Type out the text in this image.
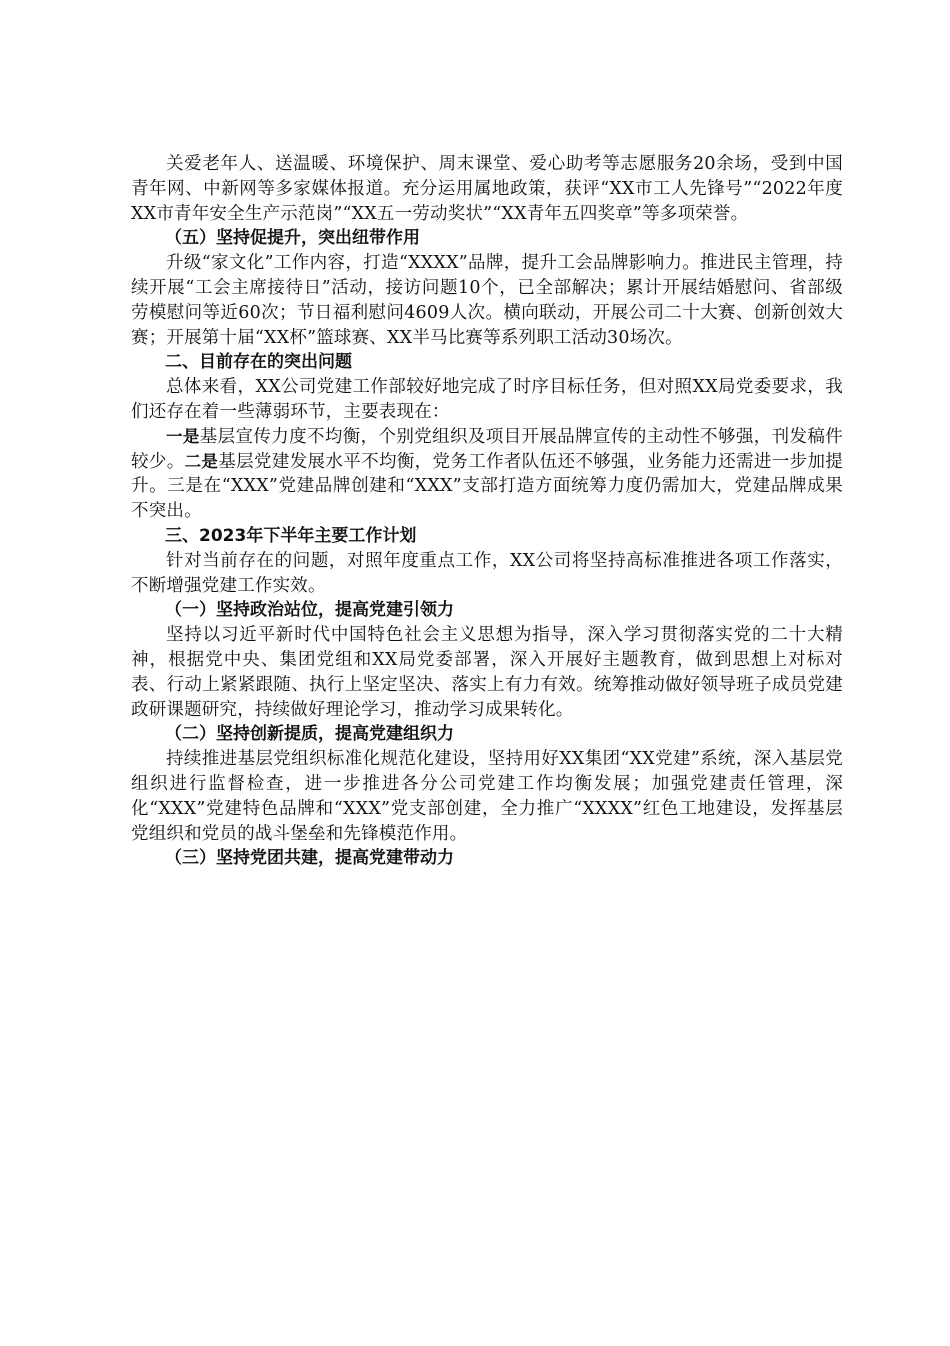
关爱老年人、送温暖、环境保护、周末课堂、爱心助考等志愿服务20余场，受到中国青年网、中新网等多家媒体报道。充分运用属地政策，获评“XX市工人先锋号”“2022年度XX市青年安全生产示范岗”“XX五一劳动奖状”“XX青年五四奖章”等多项荣誉。

（五）坚持促提升，突出纽带作用

升级“家文化”工作内容，打造“XXXX”品牌，提升工会品牌影响力。推进民主管理，持续开展“工会主席接待日”活动，接访问题10个，已全部解决；累计开展结婚慰问、省部级劳模慰问等近60次；节日福利慰问4609人次。横向联动，开展公司二十大赛、创新创效大赛；开展第十届“XX杯”篮球赛、XX半马比赛等系列职工活动30场次。

二、目前存在的突出问题

总体来看，XX公司党建工作部较好地完成了时序目标任务，但对照XX局党委要求，我们还存在着一些薄弱环节，主要表现在：

一是基层宣传力度不均衡，个别党组织及项目开展品牌宣传的主动性不够强，刊发稿件较少。二是基层党建发展水平不均衡，党务工作者队伍还不够强，业务能力还需进一步加提升。三是在“XXX”党建品牌创建和“XXX”支部打造方面统筹力度仍需加大，党建品牌成果不突出。

三、2023年下半年主要工作计划

针对当前存在的问题，对照年度重点工作，XX公司将坚持高标准推进各项工作落实，不断增强党建工作实效。

（一）坚持政治站位，提高党建引领力

坚持以习近平新时代中国特色社会主义思想为指导，深入学习贯彻落实党的二十大精神，根据党中央、集团党组和XX局党委部署，深入开展好主题教育，做到思想上对标对表、行动上紧紧跟随、执行上坚定坚决、落实上有力有效。统筹推动做好领导班子成员党建政研课题研究，持续做好理论学习，推动学习成果转化。

（二）坚持创新提质，提高党建组织力

持续推进基层党组织标准化规范化建设，坚持用好XX集团“XX党建”系统，深入基层党组织进行监督检查，进一步推进各分公司党建工作均衡发展；加强党建责任管理，深化“XXX”党建特色品牌和“XXX”党支部创建，全力推广“XXXX”红色工地建设，发挥基层党组织和党员的战斗堡垒和先锋模范作用。

（三）坚持党团共建，提高党建带动力
